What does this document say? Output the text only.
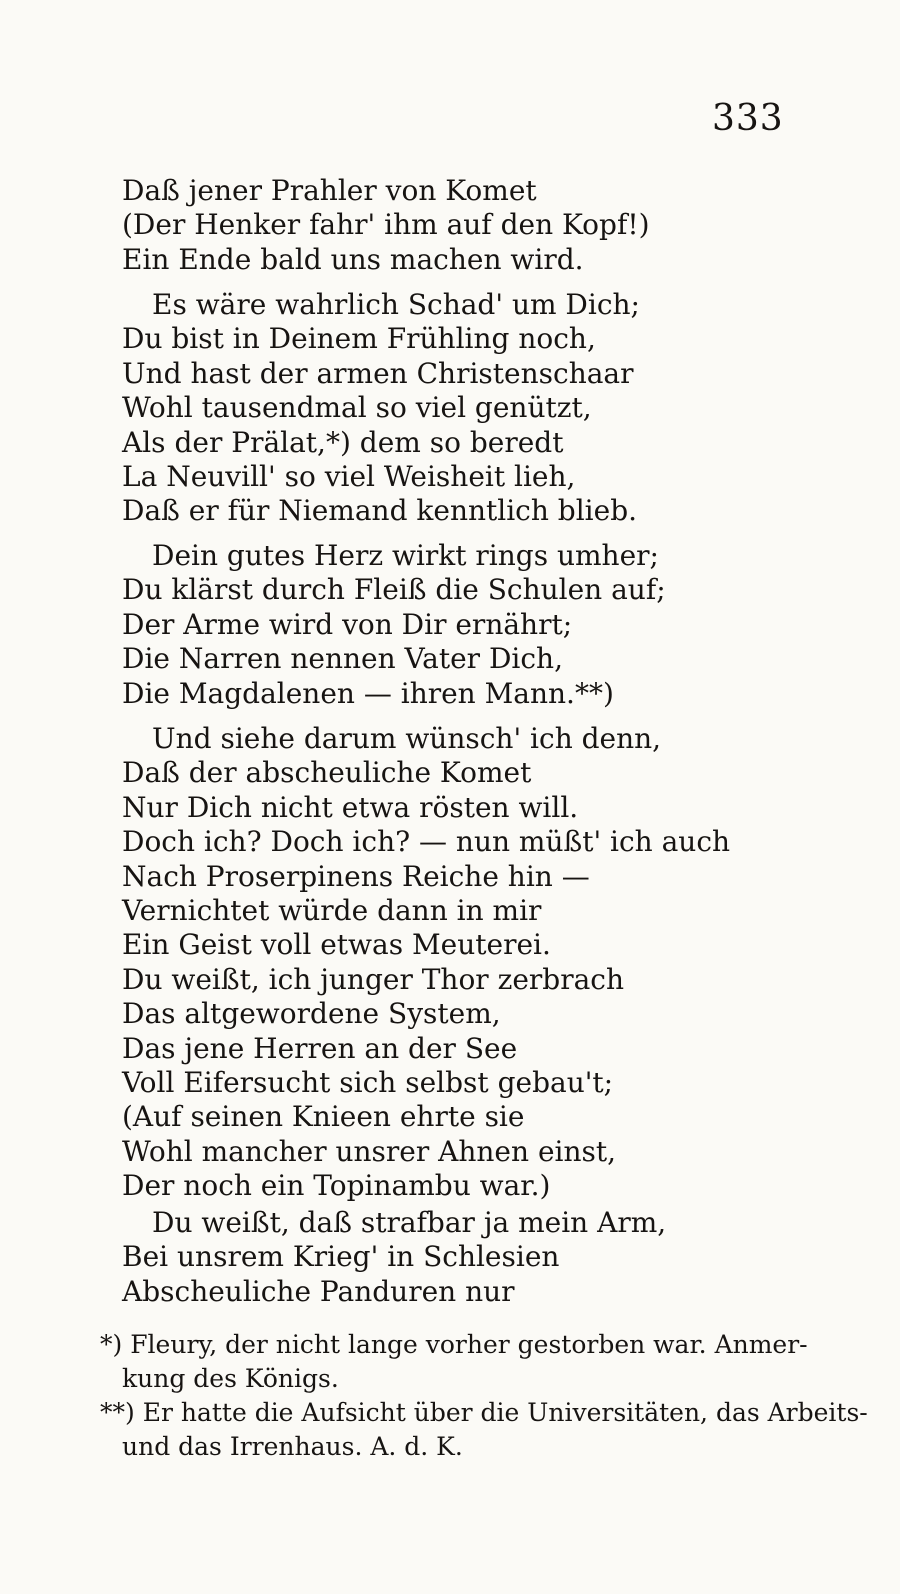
333
Daß jener Prahler von Komet
(Der Henker fahr' ihm auf den Kopf!)
Ein Ende bald uns machen wird.
Es wäre wahrlich Schad' um Dich;
Du bist in Deinem Frühling noch,
Und hast der armen Christenschaar
Wohl tausendmal so viel genützt,
Als der Prälat,*) dem so beredt
La Neuvill' so viel Weisheit lieh,
Daß er für Niemand kenntlich blieb.
Dein gutes Herz wirkt rings umher;
Du klärst durch Fleiß die Schulen auf;
Der Arme wird von Dir ernährt;
Die Narren nennen Vater Dich,
Die Magdalenen — ihren Mann.**)
Und siehe darum wünsch' ich denn,
Daß der abscheuliche Komet
Nur Dich nicht etwa rösten will.
Doch ich? Doch ich? — nun müßt' ich auch
Nach Proserpinens Reiche hin —
Vernichtet würde dann in mir
Ein Geist voll etwas Meuterei.
Du weißt, ich junger Thor zerbrach
Das altgewordene System,
Das jene Herren an der See
Voll Eifersucht sich selbst gebau't;
(Auf seinen Knieen ehrte sie
Wohl mancher unsrer Ahnen einst,
Der noch ein Topinambu war.)
Du weißt, daß strafbar ja mein Arm,
Bei unsrem Krieg' in Schlesien
Abscheuliche Panduren nur
*) Fleury, der nicht lange vorher gestorben war. Anmer-
kung des Königs.
**) Er hatte die Aufsicht über die Universitäten, das Arbeits-
und das Irrenhaus. A. d. K.
